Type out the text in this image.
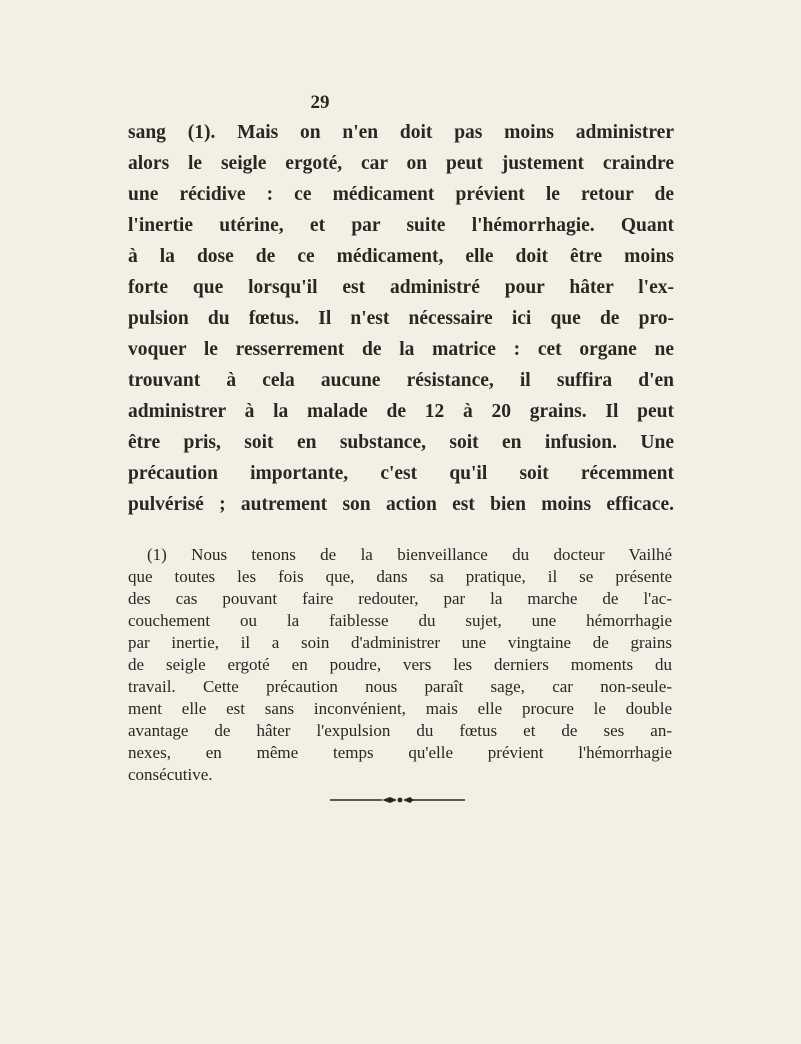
29
sang (1). Mais on n'en doit pas moins administrer
alors le seigle ergoté, car on peut justement craindre
une récidive : ce médicament prévient le retour de
l'inertie utérine, et par suite l'hémorrhagie. Quant
à la dose de ce médicament, elle doit être moins
forte que lorsqu'il est administré pour hâter l'ex-
pulsion du fœtus. Il n'est nécessaire ici que de pro-
voquer le resserrement de la matrice : cet organe ne
trouvant à cela aucune résistance, il suffira d'en
administrer à la malade de 12 à 20 grains. Il peut
être pris, soit en substance, soit en infusion. Une
précaution importante, c'est qu'il soit récemment
pulvérisé ; autrement son action est bien moins efficace.
(1) Nous tenons de la bienveillance du docteur Vailhé
que toutes les fois que, dans sa pratique, il se présente
des cas pouvant faire redouter, par la marche de l'ac-
couchement ou la faiblesse du sujet, une hémorrhagie
par inertie, il a soin d'administrer une vingtaine de grains
de seigle ergoté en poudre, vers les derniers moments du
travail. Cette précaution nous paraît sage, car non-seule-
ment elle est sans inconvénient, mais elle procure le double
avantage de hâter l'expulsion du fœtus et de ses an-
nexes, en même temps qu'elle prévient l'hémorrhagie
consécutive.
